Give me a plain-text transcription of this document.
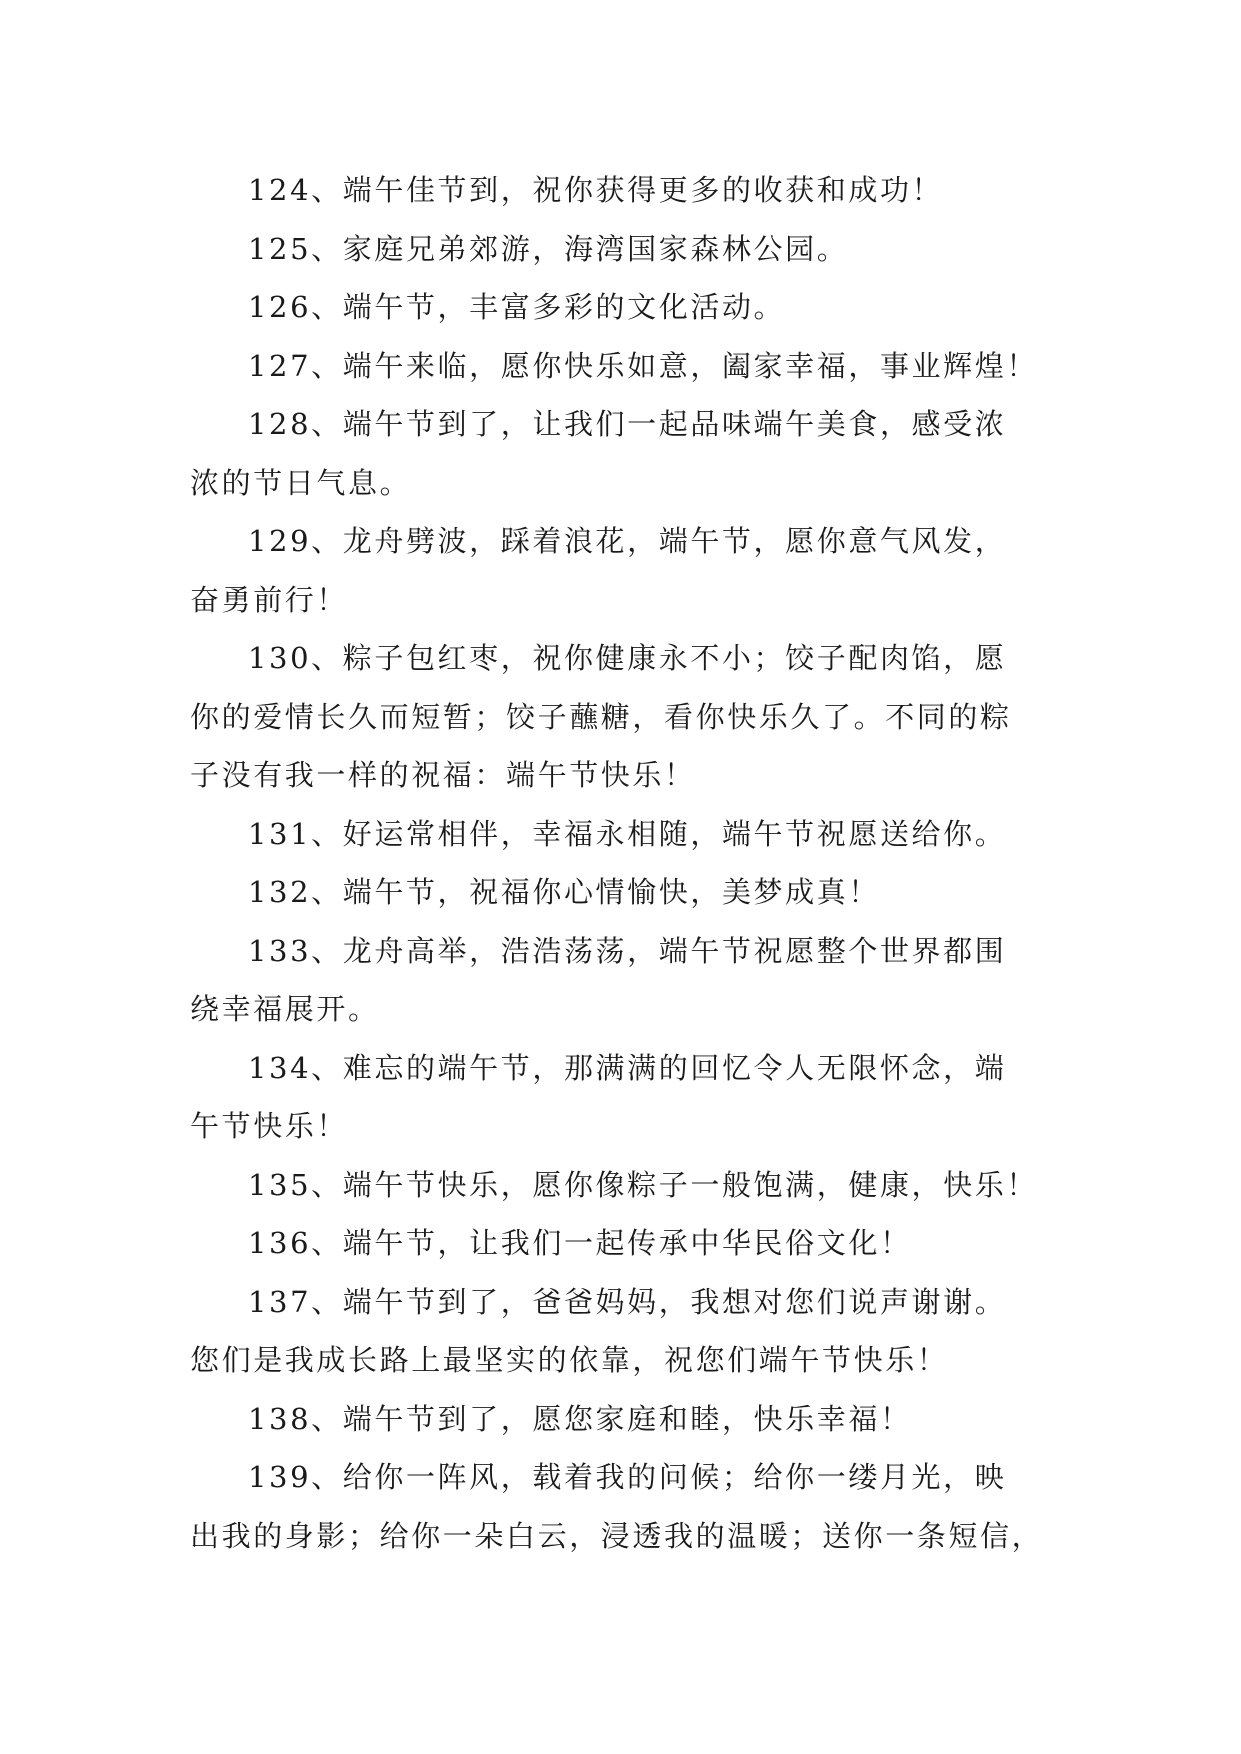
124、端午佳节到，祝你获得更多的收获和成功！

125、家庭兄弟郊游，海湾国家森林公园。

126、端午节，丰富多彩的文化活动。

127、端午来临，愿你快乐如意，阖家幸福，事业辉煌！

128、端午节到了，让我们一起品味端午美食，感受浓
浓的节日气息。

129、龙舟劈波，踩着浪花，端午节，愿你意气风发，
奋勇前行！

130、粽子包红枣，祝你健康永不小；饺子配肉馅，愿
你的爱情长久而短暂；饺子蘸糖，看你快乐久了。不同的粽
子没有我一样的祝福：端午节快乐！

131、好运常相伴，幸福永相随，端午节祝愿送给你。

132、端午节，祝福你心情愉快，美梦成真！

133、龙舟高举，浩浩荡荡，端午节祝愿整个世界都围
绕幸福展开。

134、难忘的端午节，那满满的回忆令人无限怀念，端
午节快乐！

135、端午节快乐，愿你像粽子一般饱满，健康，快乐！

136、端午节，让我们一起传承中华民俗文化！

137、端午节到了，爸爸妈妈，我想对您们说声谢谢。
您们是我成长路上最坚实的依靠，祝您们端午节快乐！

138、端午节到了，愿您家庭和睦，快乐幸福！

139、给你一阵风，载着我的问候；给你一缕月光，映
出我的身影；给你一朵白云，浸透我的温暖；送你一条短信，
